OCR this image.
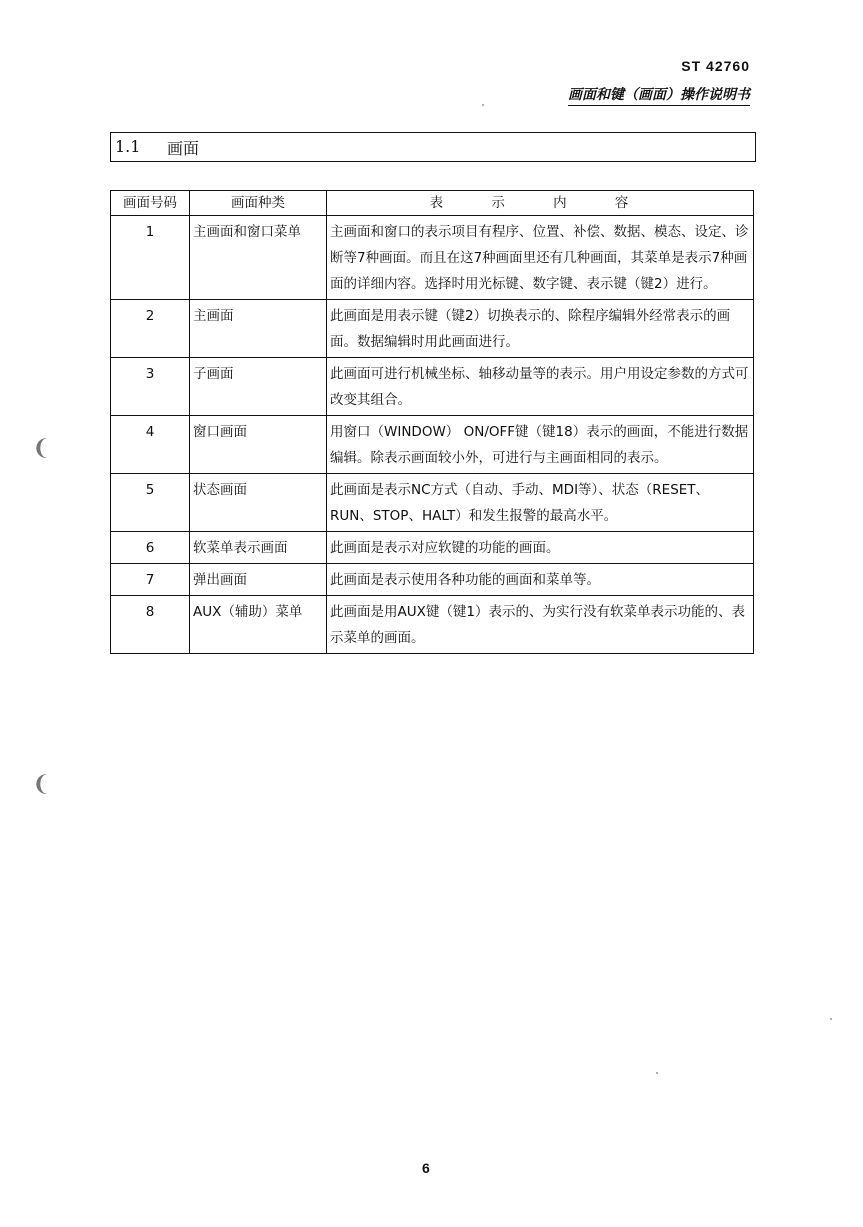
ST 42760
画面和键（画面）操作说明书
1.1 画面
画面号码	画面种类	表 示 内 容
1	主画面和窗口菜单	主画面和窗口的表示项目有程序、位置、补偿、数据、模态、设定、诊断等7种画面。而且在这7种画面里还有几种画面，其菜单是表示7种画面的详细内容。选择时用光标键、数字键、表示键（键2）进行。
2	主画面	此画面是用表示键（键2）切换表示的、除程序编辑外经常表示的画面。数据编辑时用此画面进行。
3	子画面	此画面可进行机械坐标、轴移动量等的表示。用户用设定参数的方式可改变其组合。
4	窗口画面	用窗口（WINDOW） ON/OFF键（键18）表示的画面，不能进行数据编辑。除表示画面较小外，可进行与主画面相同的表示。
5	状态画面	此画面是表示NC方式（自动、手动、MDI等）、状态（RESET、RUN、STOP、HALT）和发生报警的最高水平。
6	软菜单表示画面	此画面是表示对应软键的功能的画面。
7	弹出画面	此画面是表示使用各种功能的画面和菜单等。
8	AUX（辅助）菜单	此画面是用AUX键（键1）表示的、为实行没有软菜单表示功能的、表示菜单的画面。
❨
❨
6
